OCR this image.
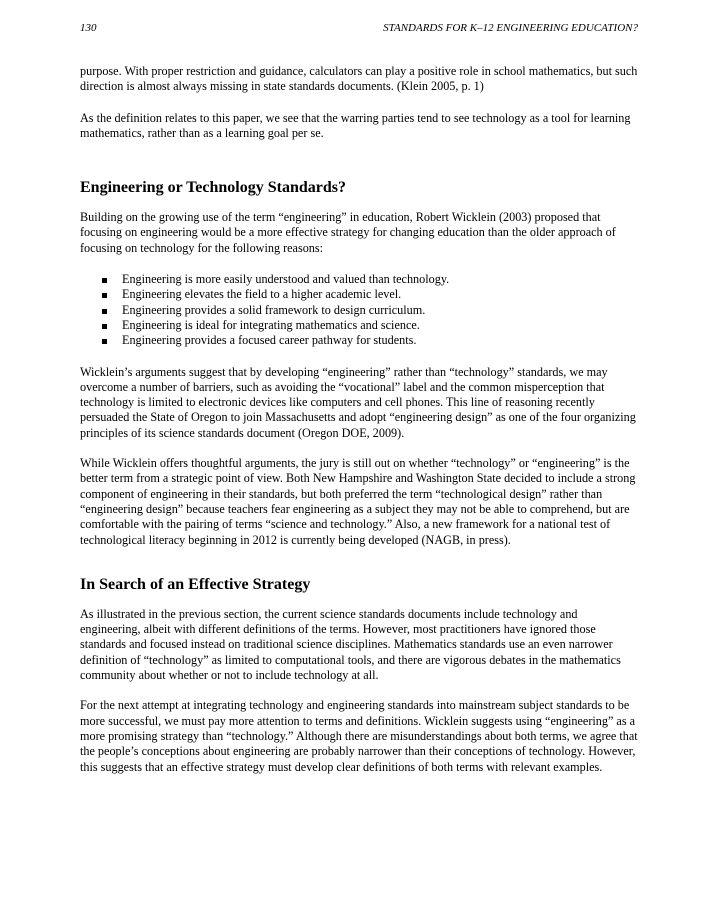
130	STANDARDS FOR K–12 ENGINEERING EDUCATION?

purpose. With proper restriction and guidance, calculators can play a positive role in school mathematics, but such direction is almost always missing in state standards documents. (Klein 2005, p. 1)

As the definition relates to this paper, we see that the warring parties tend to see technology as a tool for learning mathematics, rather than as a learning goal per se.

Engineering or Technology Standards?

Building on the growing use of the term “engineering” in education, Robert Wicklein (2003) proposed that focusing on engineering would be a more effective strategy for changing education than the older approach of focusing on technology for the following reasons:

Engineering is more easily understood and valued than technology.
Engineering elevates the field to a higher academic level.
Engineering provides a solid framework to design curriculum.
Engineering is ideal for integrating mathematics and science.
Engineering provides a focused career pathway for students.

Wicklein’s arguments suggest that by developing “engineering” rather than “technology” standards, we may overcome a number of barriers, such as avoiding the “vocational” label and the common misperception that technology is limited to electronic devices like computers and cell phones. This line of reasoning recently persuaded the State of Oregon to join Massachusetts and adopt “engineering design” as one of the four organizing principles of its science standards document (Oregon DOE, 2009).

While Wicklein offers thoughtful arguments, the jury is still out on whether “technology” or “engineering” is the better term from a strategic point of view. Both New Hampshire and Washington State decided to include a strong component of engineering in their standards, but both preferred the term “technological design” rather than “engineering design” because teachers fear engineering as a subject they may not be able to comprehend, but are comfortable with the pairing of terms “science and technology.” Also, a new framework for a national test of technological literacy beginning in 2012 is currently being developed (NAGB, in press).

In Search of an Effective Strategy

As illustrated in the previous section, the current science standards documents include technology and engineering, albeit with different definitions of the terms. However, most practitioners have ignored those standards and focused instead on traditional science disciplines. Mathematics standards use an even narrower definition of “technology” as limited to computational tools, and there are vigorous debates in the mathematics community about whether or not to include technology at all.

For the next attempt at integrating technology and engineering standards into mainstream subject standards to be more successful, we must pay more attention to terms and definitions. Wicklein suggests using “engineering” as a more promising strategy than “technology.” Although there are misunderstandings about both terms, we agree that the people’s conceptions about engineering are probably narrower than their conceptions of technology. However, this suggests that an effective strategy must develop clear definitions of both terms with relevant examples.
